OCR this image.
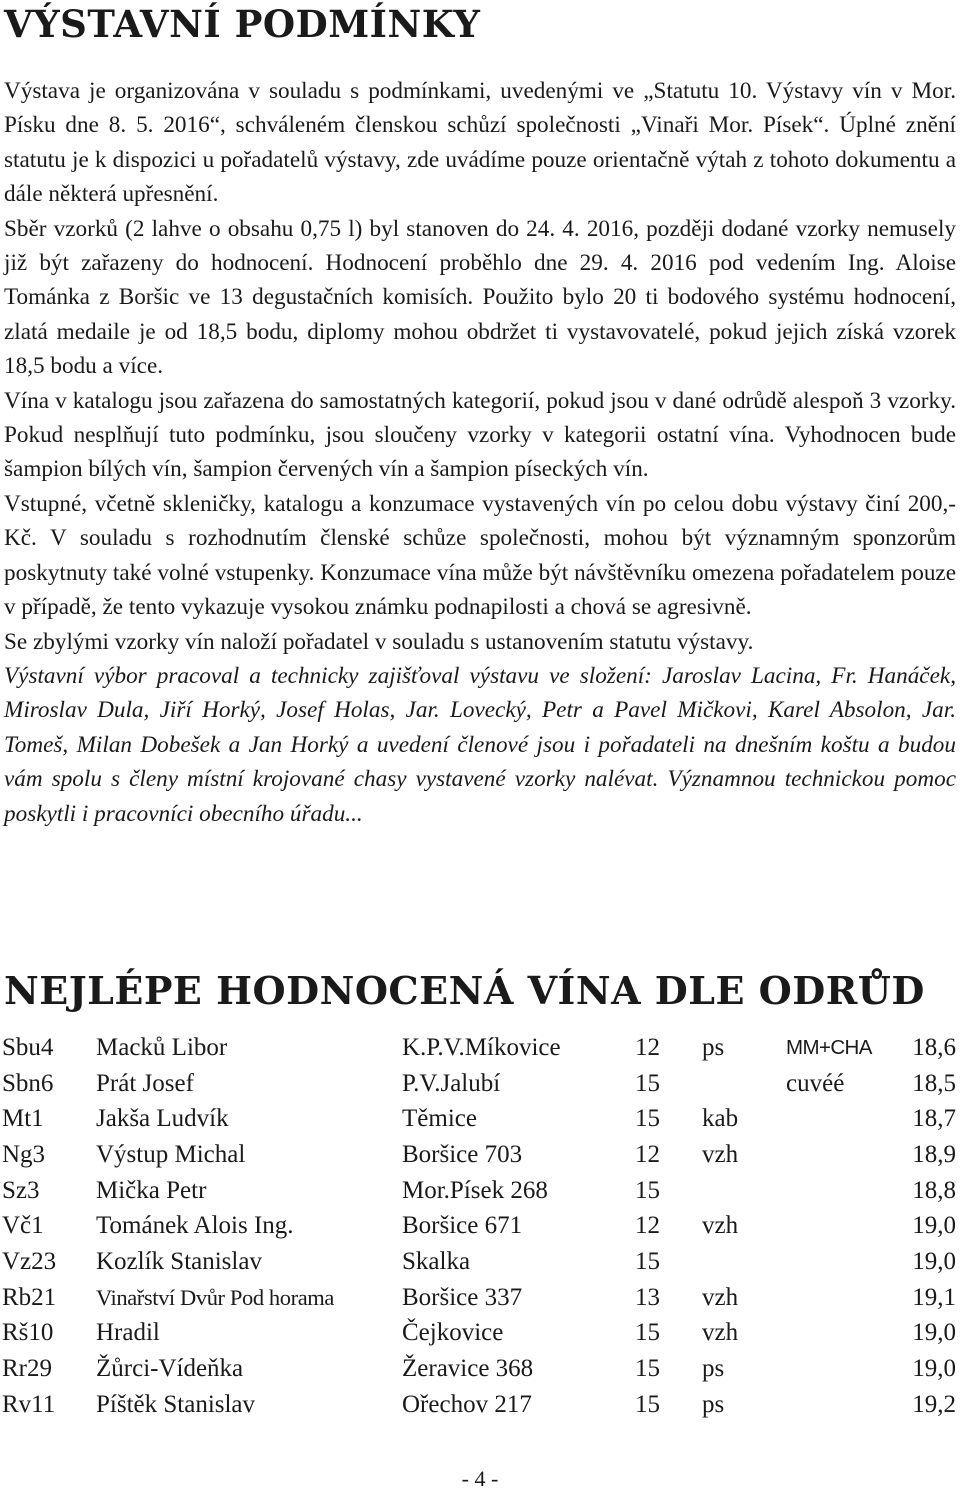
VÝSTAVNÍ PODMÍNKY

Výstava je organizována v souladu s podmínkami, uvedenými ve „Statutu 10. Výstavy vín v Mor. Písku dne 8. 5. 2016“, schváleném členskou schůzí společnosti „Vinaři Mor. Písek“. Úplné znění statutu je k dispozici u pořadatelů výstavy, zde uvádíme pouze orientačně výtah z tohoto dokumentu a dále některá upřesnění.

Sběr vzorků (2 lahve o obsahu 0,75 l) byl stanoven do 24. 4. 2016, později dodané vzorky nemusely již být zařazeny do hodnocení. Hodnocení proběhlo dne 29. 4. 2016 pod vedením Ing. Aloise Tománka z Boršic ve 13 degustačních komisích. Použito bylo 20 ti bodového systému hodnocení, zlatá medaile je od 18,5 bodu, diplomy mohou obdržet ti vystavovatelé, pokud jejich získá vzorek 18,5 bodu a více.

Vína v katalogu jsou zařazena do samostatných kategorií, pokud jsou v dané odrůdě alespoň 3 vzorky. Pokud nesplňují tuto podmínku, jsou sloučeny vzorky v kategorii ostatní vína. Vyhodnocen bude šampion bílých vín, šampion červených vín a šampion píseckých vín.

Vstupné, včetně skleničky, katalogu a konzumace vystavených vín po celou dobu výstavy činí 200,-Kč. V souladu s rozhodnutím členské schůze společnosti, mohou být významným sponzorům poskytnuty také volné vstupenky. Konzumace vína může být návštěvníku omezena pořadatelem pouze v případě, že tento vykazuje vysokou známku podnapilosti a chová se agresivně.

Se zbylými vzorky vín naloží pořadatel v souladu s ustanovením statutu výstavy.

Výstavní výbor pracoval a technicky zajišťoval výstavu ve složení: Jaroslav Lacina, Fr. Hanáček, Miroslav Dula, Jiří Horký, Josef Holas, Jar. Lovecký, Petr a Pavel Mičkovi, Karel Absolon, Jar. Tomeš, Milan Dobešek a Jan Horký a uvedení členové jsou i pořadateli na dnešním koštu a budou vám spolu s členy místní krojované chasy vystavené vzorky nalévat. Významnou technickou pomoc poskytli i pracovníci obecního úřadu...

NEJLÉPE HODNOCENÁ VÍNA DLE ODRŮD
Sbu4	Macků Libor	K.P.V.Míkovice	12	ps	MM+CHA	18,6
Sbn6	Prát Josef	P.V.Jalubí	15		cuvéé	18,5
Mt1	Jakša Ludvík	Těmice	15	kab		18,7
Ng3	Výstup Michal	Boršice 703	12	vzh		18,9
Sz3	Mička Petr	Mor.Písek 268	15			18,8
Vč1	Tománek Alois Ing.	Boršice 671	12	vzh		19,0
Vz23	Kozlík Stanislav	Skalka	15			19,0
Rb21	Vinařství Dvůr Pod horama	Boršice 337	13	vzh		19,1
Rš10	Hradil	Čejkovice	15	vzh		19,0
Rr29	Žůrci-Vídeňka	Žeravice 368	15	ps		19,0
Rv11	Píštěk Stanislav	Ořechov 217	15	ps		19,2
- 4 -
